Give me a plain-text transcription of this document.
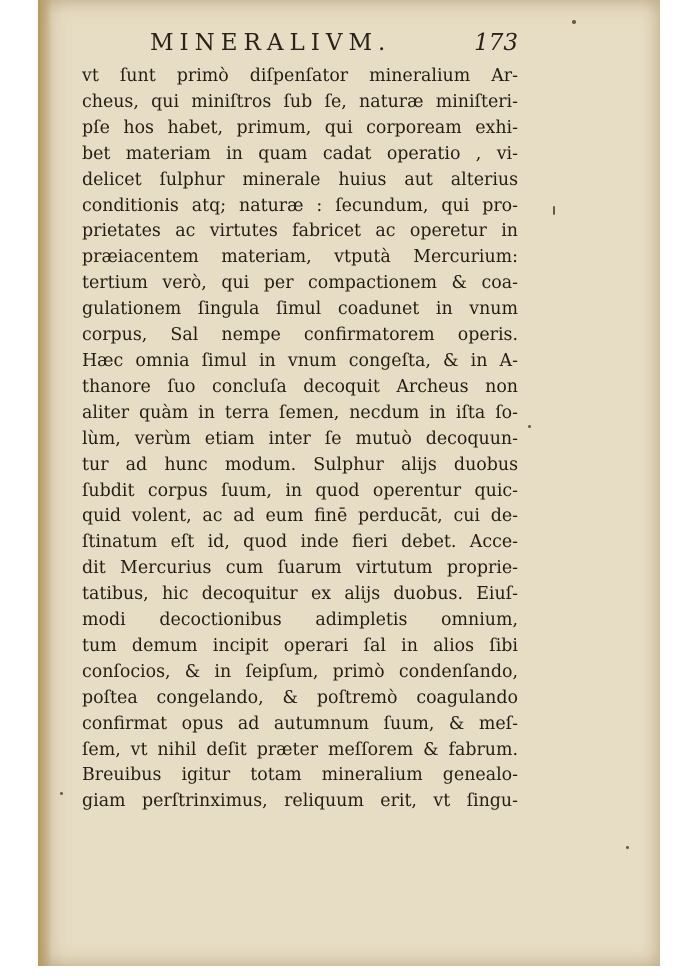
MINERALIVM.	173
vt ſunt primò diſpenſator mineralium Ar-
cheus, qui miniſtros ſub ſe, naturæ miniſteri-
pſe hos habet, primum, qui corpoream exhi-
bet materiam in quam cadat operatio , vi-
delicet ſulphur minerale huius aut alterius
conditionis atq; naturæ : ſecundum, qui pro-
prietates ac virtutes fabricet ac operetur in
præiacentem materiam, vtputà Mercurium:
tertium verò, qui per compactionem & coa-
gulationem ſingula ſimul coadunet in vnum
corpus, Sal nempe confirmatorem operis.
Hæc omnia ſimul in vnum congeſta, & in A-
thanore ſuo concluſa decoquit Archeus non
aliter quàm in terra ſemen, necdum in iſta ſo-
lùm, verùm etiam inter ſe mutuò decoquun-
tur ad hunc modum. Sulphur alijs duobus
ſubdit corpus ſuum, in quod operentur quic-
quid volent, ac ad eum finē perducāt, cui de-
ſtinatum eſt id, quod inde fieri debet. Acce-
dit Mercurius cum ſuarum virtutum proprie-
tatibus, hic decoquitur ex alijs duobus. Eiuſ-
modi decoctionibus adimpletis omnium,
tum demum incipit operari ſal in alios ſibi
conſocios, & in ſeipſum, primò condenſando,
poſtea congelando, & poſtremò coagulando
confirmat opus ad autumnum ſuum, & meſ-
ſem, vt nihil deſit præter meſſorem & fabrum.
Breuibus igitur totam mineralium genealo-
giam perſtrinximus, reliquum erit, vt ſingu-
